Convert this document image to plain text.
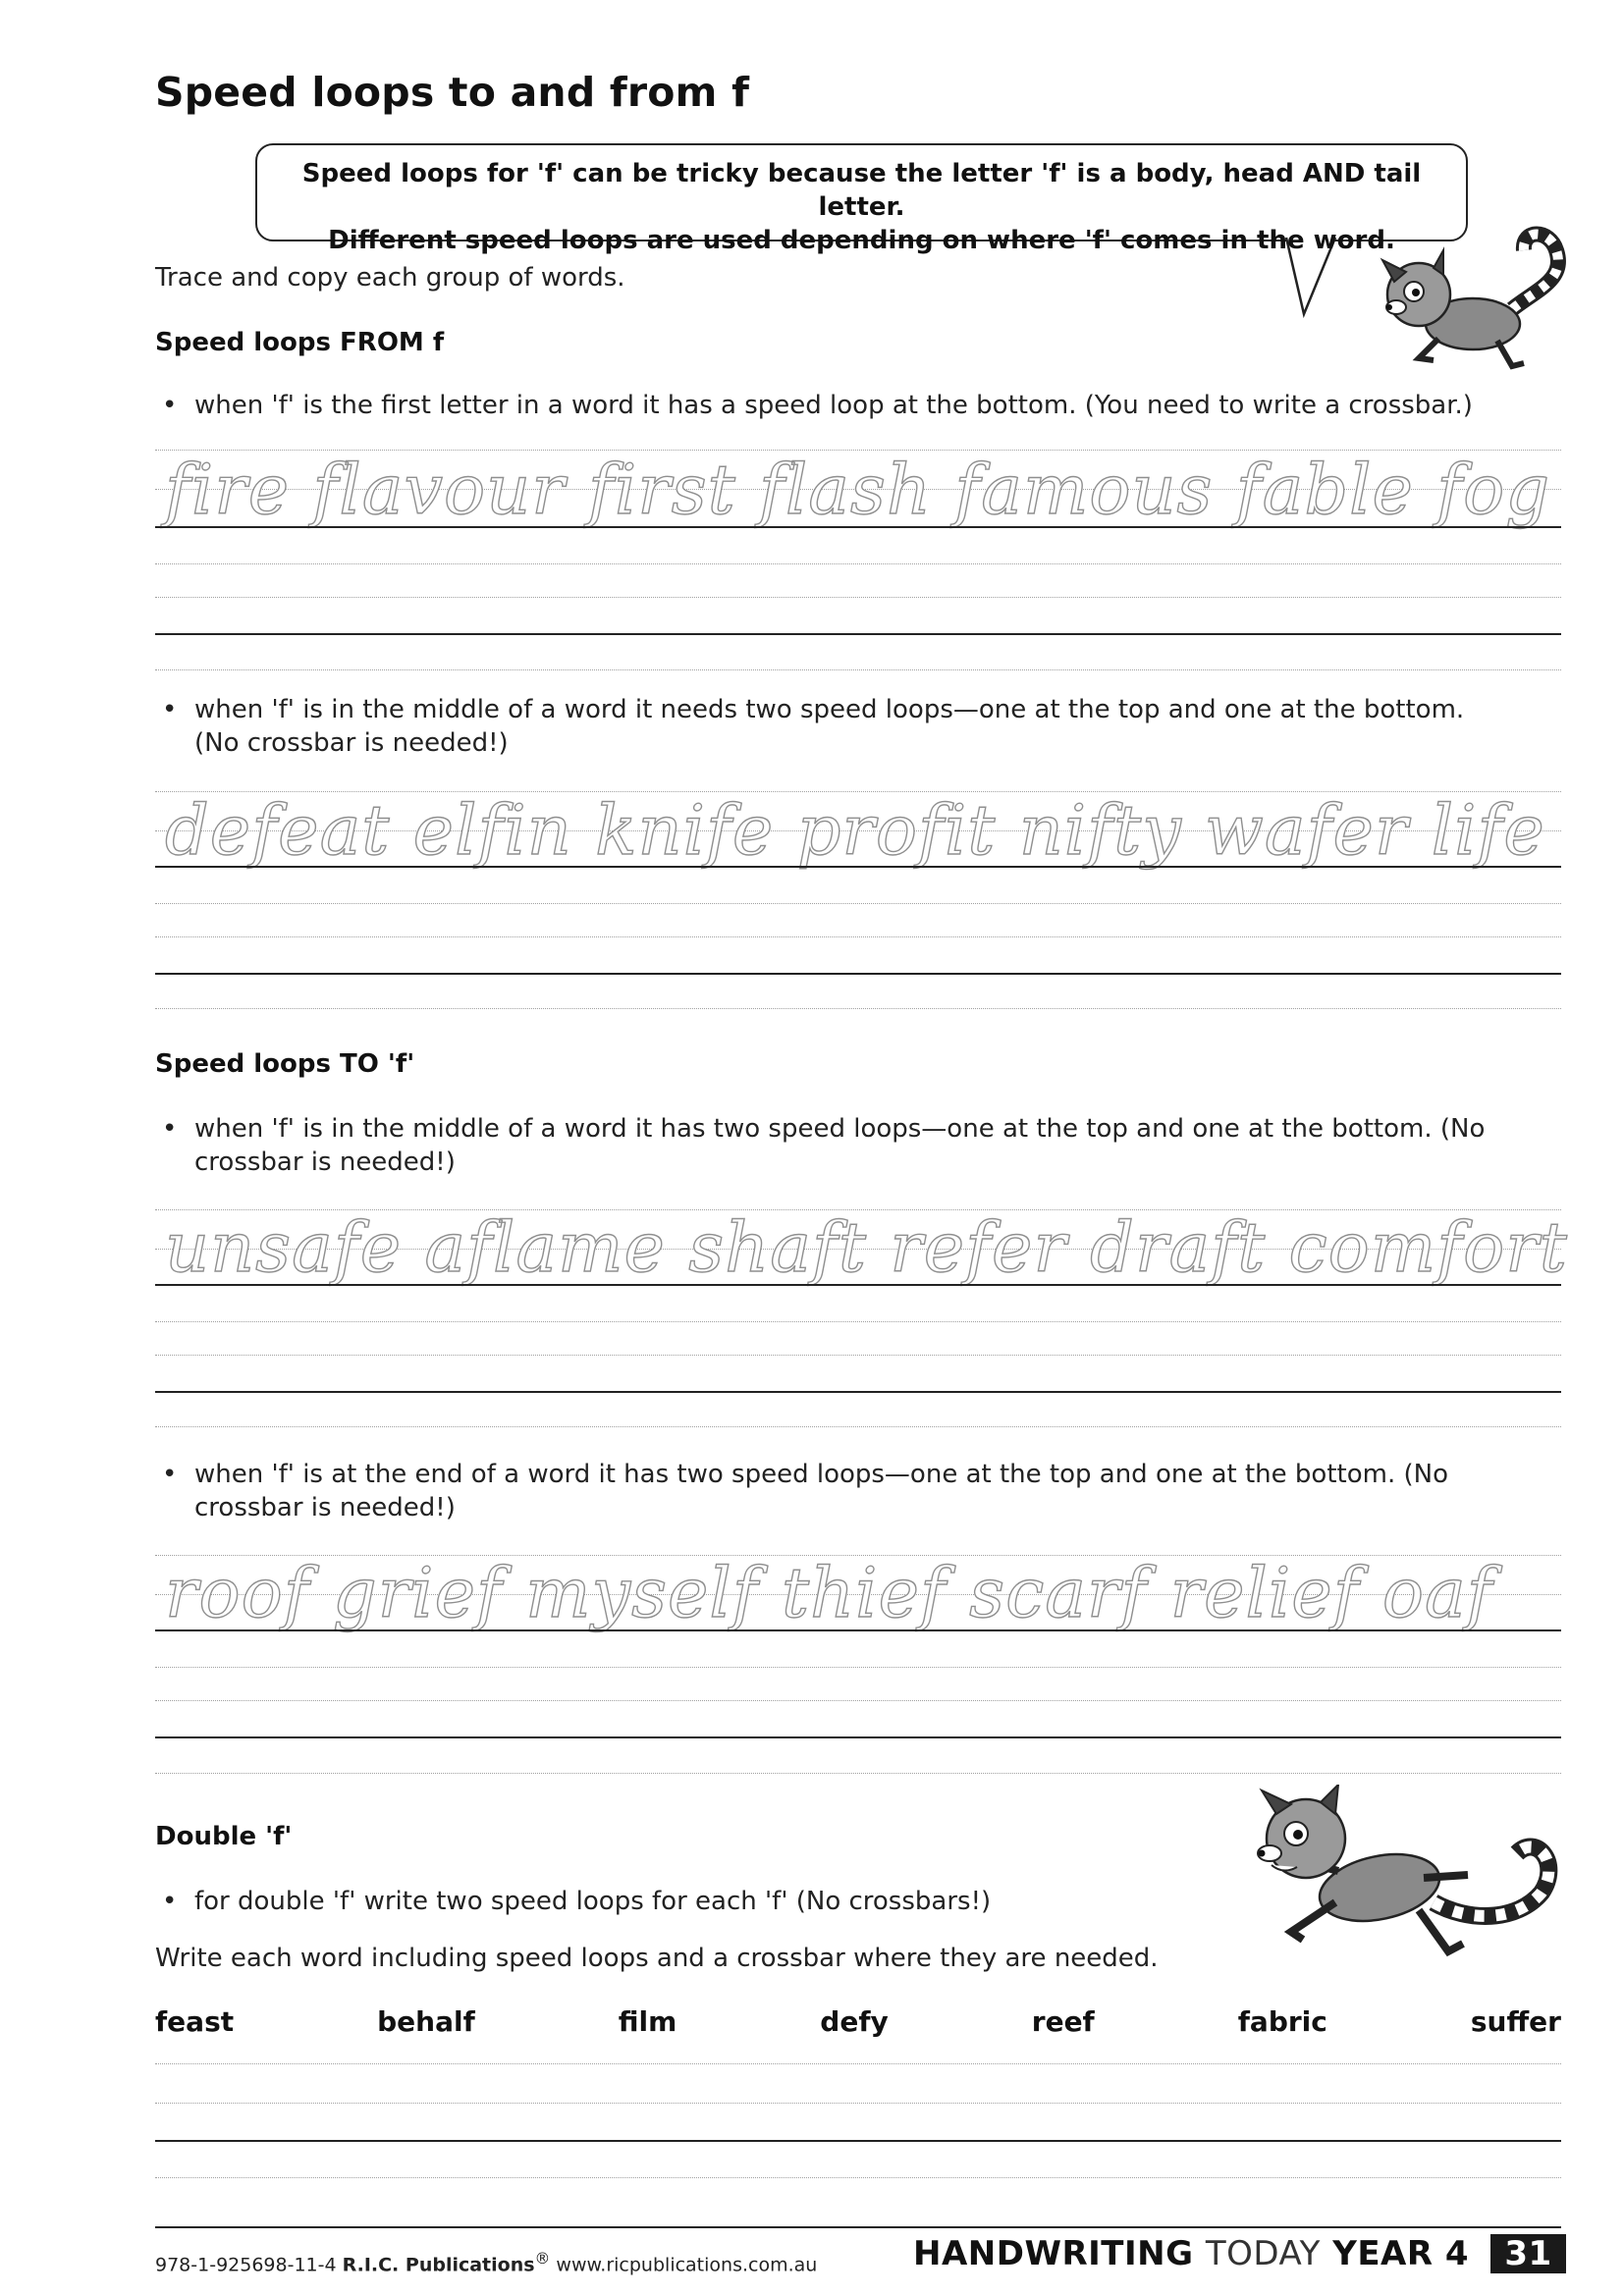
Speed loops to and from f
Speed loops for 'f' can be tricky because the letter 'f' is a body, head AND tail letter.
Different speed loops are used depending on where 'f' comes in the word.
Trace and copy each group of words.
Speed loops FROM f
• when 'f' is the first letter in a word it has a speed loop at the bottom. (You need to write a crossbar.)
fire flavour first flash famous fable fog
• when 'f' is in the middle of a word it needs two speed loops—one at the top and one at the bottom.
(No crossbar is needed!)
defeat elfin knife profit nifty wafer life
Speed loops TO 'f'
• when 'f' is in the middle of a word it has two speed loops—one at the top and one at the bottom. (No
crossbar is needed!)
unsafe aflame shaft refer draft comfort
• when 'f' is at the end of a word it has two speed loops—one at the top and one at the bottom. (No
crossbar is needed!)
roof grief myself thief scarf relief oaf
Double 'f'
• for double 'f' write two speed loops for each 'f' (No crossbars!)
Write each word including speed loops and a crossbar where they are needed.
feast	behalf	film	defy	reef	fabric	suffer
978-1-925698-11-4 R.I.C. Publications® www.ricpublications.com.au	HANDWRITING TODAY YEAR 4 31
